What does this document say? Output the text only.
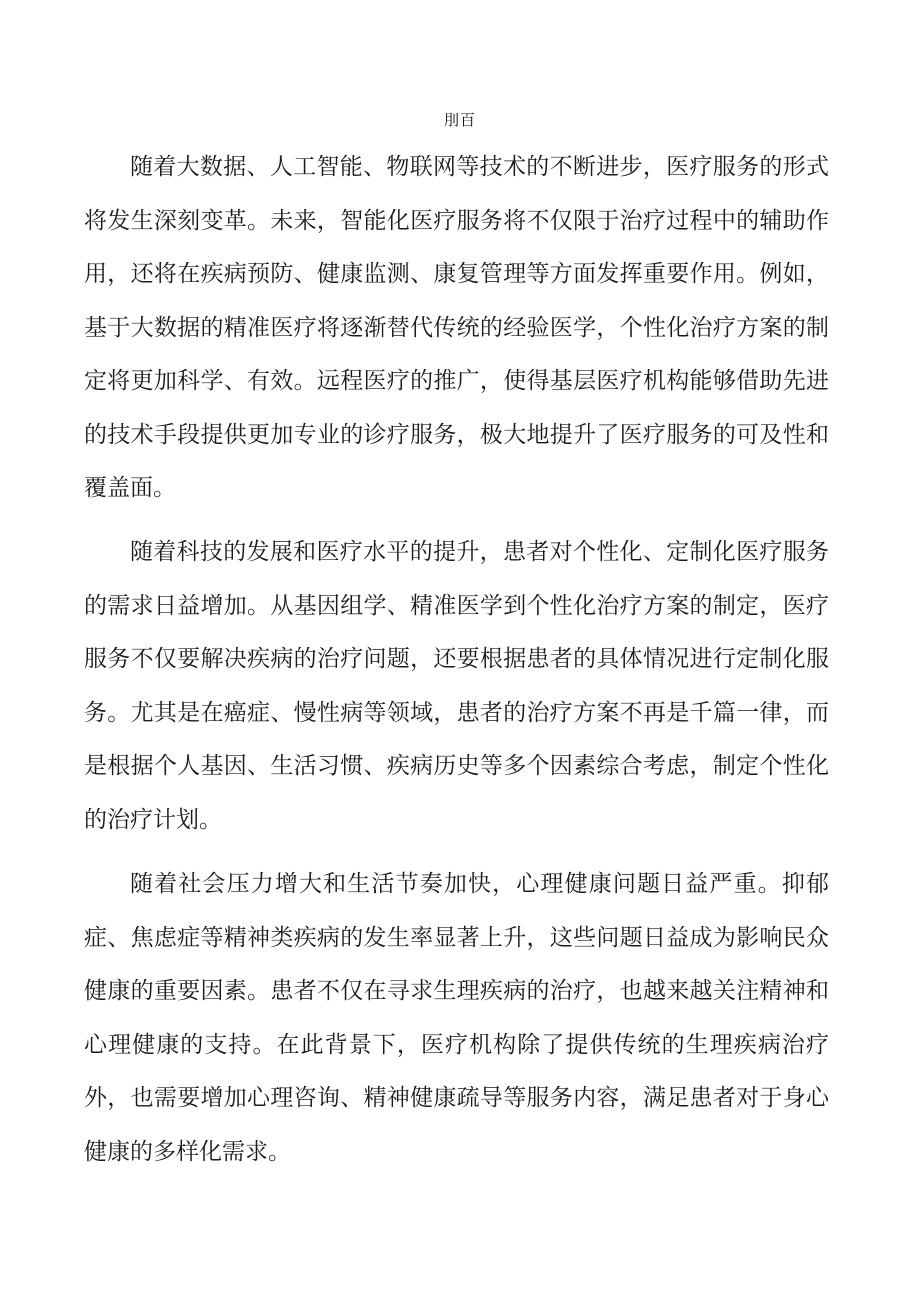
刖百

随着大数据、人工智能、物联网等技术的不断进步，医疗服务的形式将发生深刻变革。未来，智能化医疗服务将不仅限于治疗过程中的辅助作用，还将在疾病预防、健康监测、康复管理等方面发挥重要作用。例如，基于大数据的精准医疗将逐渐替代传统的经验医学，个性化治疗方案的制定将更加科学、有效。远程医疗的推广，使得基层医疗机构能够借助先进的技术手段提供更加专业的诊疗服务，极大地提升了医疗服务的可及性和覆盖面。

随着科技的发展和医疗水平的提升，患者对个性化、定制化医疗服务的需求日益增加。从基因组学、精准医学到个性化治疗方案的制定，医疗服务不仅要解决疾病的治疗问题，还要根据患者的具体情况进行定制化服务。尤其是在癌症、慢性病等领域，患者的治疗方案不再是千篇一律，而是根据个人基因、生活习惯、疾病历史等多个因素综合考虑，制定个性化的治疗计划。

随着社会压力增大和生活节奏加快，心理健康问题日益严重。抑郁症、焦虑症等精神类疾病的发生率显著上升，这些问题日益成为影响民众健康的重要因素。患者不仅在寻求生理疾病的治疗，也越来越关注精神和心理健康的支持。在此背景下，医疗机构除了提供传统的生理疾病治疗外，也需要增加心理咨询、精神健康疏导等服务内容，满足患者对于身心健康的多样化需求。
